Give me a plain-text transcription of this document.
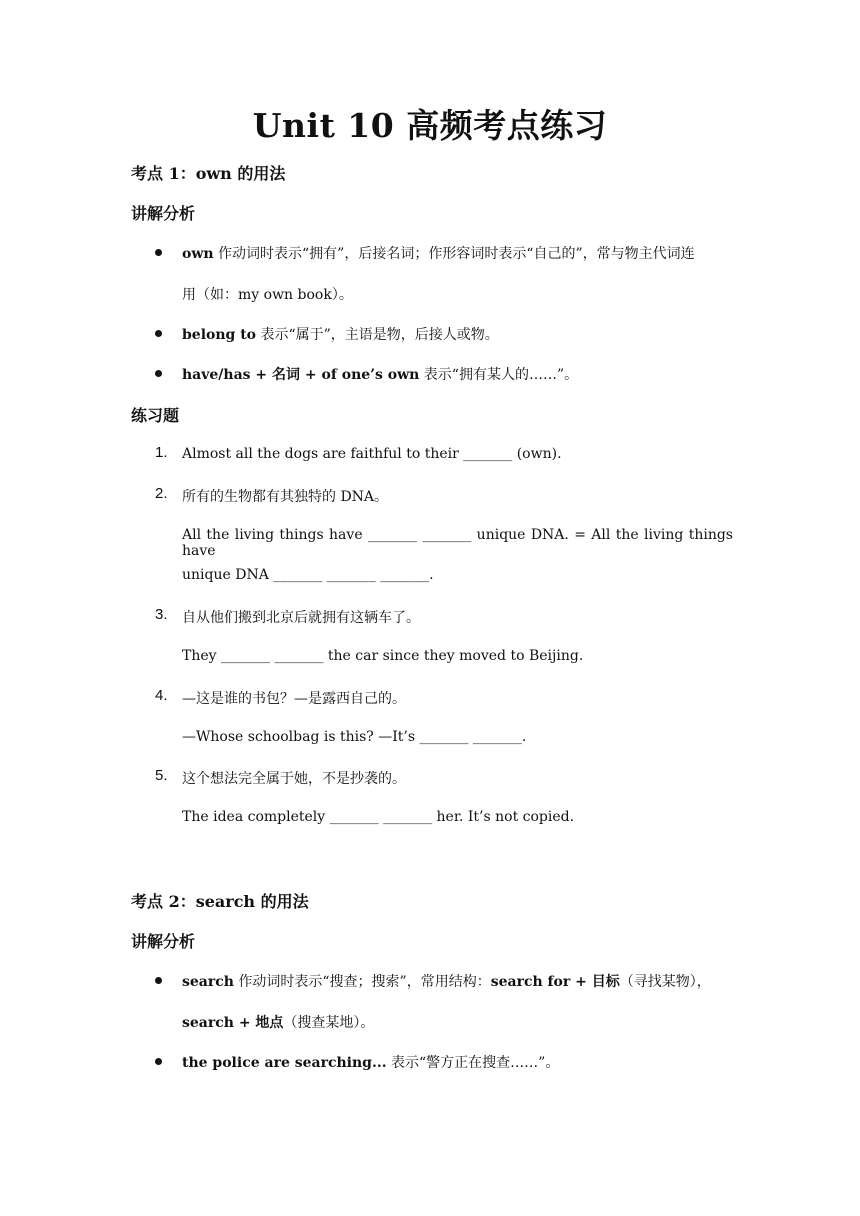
Unit 10 高频考点练习
考点 1：own 的用法
讲解分析
own 作动词时表示“拥有”，后接名词；作形容词时表示“自己的”，常与物主代词连
用（如：my own book）。
belong to 表示“属于”，主语是物，后接人或物。
have/has + 名词 + of one’s own 表示“拥有某人的……”。
练习题
1. Almost all the dogs are faithful to their _______ (own).
2. 所有的生物都有其独特的 DNA。
All the living things have _______ _______ unique DNA. = All the living things have
unique DNA _______ _______ _______.
3. 自从他们搬到北京后就拥有这辆车了。
They _______ _______ the car since they moved to Beijing.
4. —这是谁的书包？—是露西自己的。
—Whose schoolbag is this? —It’s _______ _______.
5. 这个想法完全属于她，不是抄袭的。
The idea completely _______ _______ her. It’s not copied.
考点 2：search 的用法
讲解分析
search 作动词时表示“搜查；搜索”，常用结构：search for + 目标（寻找某物），
search + 地点（搜查某地）。
the police are searching... 表示“警方正在搜查……”。
